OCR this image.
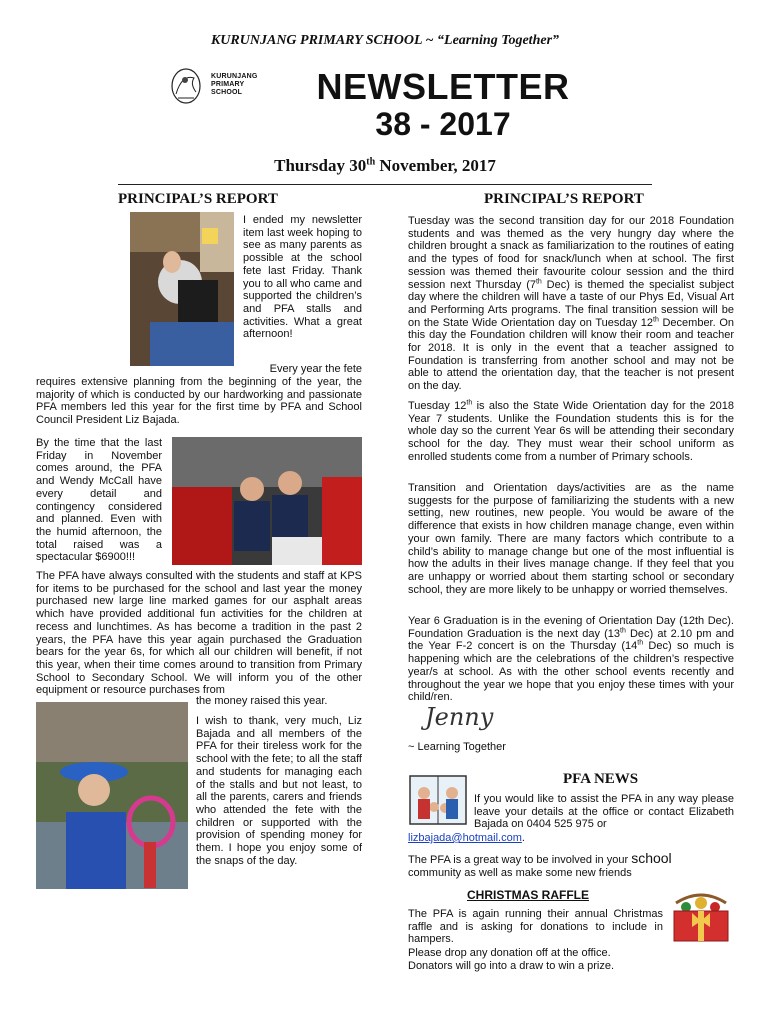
KURUNJANG PRIMARY SCHOOL ~ “Learning Together”
KURUNJANG
PRIMARY
SCHOOL	NEWSLETTER
38 - 2017
Thursday 30th November, 2017
PRINCIPAL’S REPORT
I ended my newsletter item last week hoping to see as many parents as possible at the school fete last Friday. Thank you to all who came and supported the children’s and PFA stalls and activities. What a great afternoon!
Every year the fete
requires extensive planning from the beginning of the year, the majority of which is conducted by our hardworking and passionate PFA members led this year for the first time by PFA and School Council President Liz Bajada.
By the time that the last Friday in November comes around, the PFA and Wendy McCall have every detail and contingency considered and planned. Even with the humid afternoon, the total raised was a spectacular $6900!!!
The PFA have always consulted with the students and staff at KPS for items to be purchased for the school and last year the money purchased new large line marked games for our asphalt areas which have provided additional fun activities for the children at recess and lunchtimes. As has become a tradition in the past 2 years, the PFA have this year again purchased the Graduation bears for the year 6s, for which all our children will benefit, if not this year, when their time comes around to transition from Primary School to Secondary School. We will inform you of the other equipment or resource purchases from
the money raised this year.
I wish to thank, very much, Liz Bajada and all members of the PFA for their tireless work for the school with the fete; to all the staff and students for managing each of the stalls and but not least, to all the parents, carers and friends who attended the fete with the children or supported with the provision of spending money for them. I hope you enjoy some of the snaps of the day.
PRINCIPAL’S REPORT
Tuesday was the second transition day for our 2018 Foundation students and was themed as the very hungry day where the children brought a snack as familiarization to the routines of eating and the types of food for snack/lunch when at school. The first session was themed their favourite colour session and the third session next Thursday (7th Dec) is themed the specialist subject day where the children will have a taste of our Phys Ed, Visual Art and Performing Arts programs. The final transition session will be on the State Wide Orientation day on Tuesday 12th December. On this day the Foundation children will know their room and teacher for 2018. It is only in the event that a teacher assigned to Foundation is transferring from another school and may not be able to attend the orientation day, that the teacher is not present on the day.
Tuesday 12th is also the State Wide Orientation day for the 2018 Year 7 students. Unlike the Foundation students this is for the whole day so the current Year 6s will be attending their secondary school for the day. They must wear their school uniform as enrolled students come from a number of Primary schools.
Transition and Orientation days/activities are as the name suggests for the purpose of familiarizing the students with a new setting, new routines, new people. You would be aware of the difference that exists in how children manage change, even within your own family. There are many factors which contribute to a child’s ability to manage change but one of the most influential is how the adults in their lives manage change. If they feel that you are unhappy or worried about them starting school or secondary school, they are more likely to be unhappy or worried themselves.
Year 6 Graduation is in the evening of Orientation Day (12th Dec). Foundation Graduation is the next day (13th Dec) at 2.10 pm and the Year F-2 concert is on the Thursday (14th Dec) so much is happening which are the celebrations of the children’s respective year/s at school. As with the other school events recently and throughout the year we hope that you enjoy these times with your child/ren.
Jenny
~ Learning Together
PFA NEWS
If you would like to assist the PFA in any way please leave your details at the office or contact Elizabeth Bajada on 0404 525 975 or
lizbajada@hotmail.com.
The PFA is a great way to be involved in your school
community as well as make some new friends
CHRISTMAS RAFFLE
The PFA is again running their annual Christmas raffle and is asking for donations to include in hampers.
Please drop any donation off at the office.
Donators will go into a draw to win a prize.
